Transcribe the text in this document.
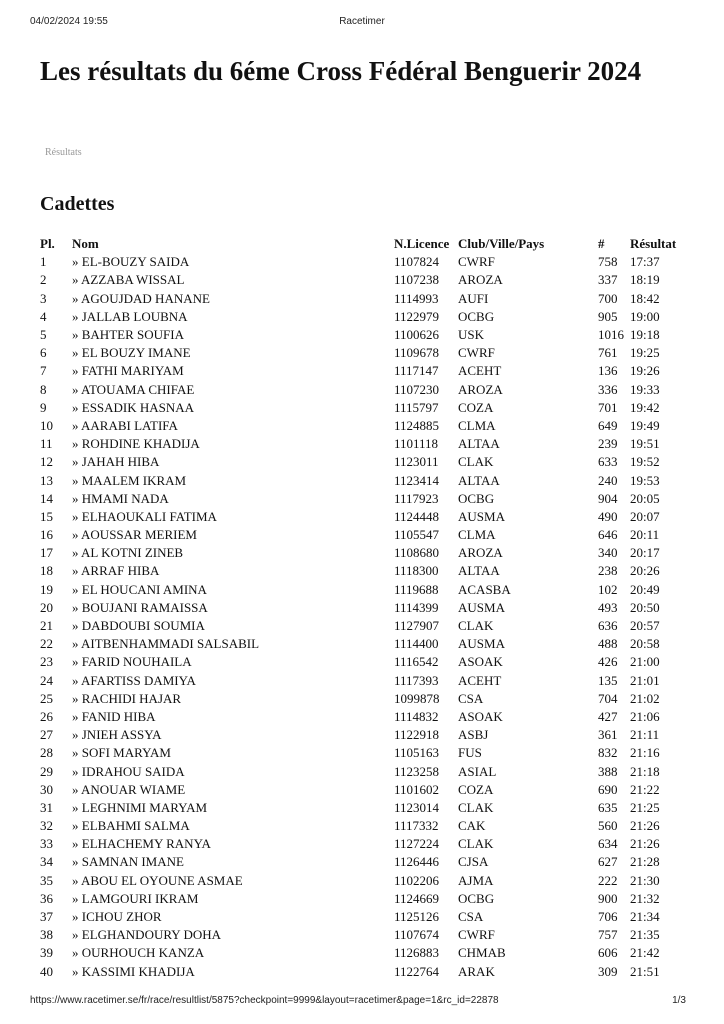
04/02/2024 19:55	Racetimer
Les résultats du 6éme Cross Fédéral Benguerir 2024
Résultats
Cadettes
Pl.	Nom	N.Licence	Club/Ville/Pays	#	Résultat
1	» EL-BOUZY SAIDA	1107824	CWRF	758	17:37
2	» AZZABA WISSAL	1107238	AROZA	337	18:19
3	» AGOUJDAD HANANE	1114993	AUFI	700	18:42
4	» JALLAB LOUBNA	1122979	OCBG	905	19:00
5	» BAHTER SOUFIA	1100626	USK	1016	19:18
6	» EL BOUZY IMANE	1109678	CWRF	761	19:25
7	» FATHI MARIYAM	1117147	ACEHT	136	19:26
8	» ATOUAMA CHIFAE	1107230	AROZA	336	19:33
9	» ESSADIK HASNAA	1115797	COZA	701	19:42
10	» AARABI LATIFA	1124885	CLMA	649	19:49
11	» ROHDINE KHADIJA	1101118	ALTAA	239	19:51
12	» JAHAH HIBA	1123011	CLAK	633	19:52
13	» MAALEM IKRAM	1123414	ALTAA	240	19:53
14	» HMAMI NADA	1117923	OCBG	904	20:05
15	» ELHAOUKALI FATIMA	1124448	AUSMA	490	20:07
16	» AOUSSAR MERIEM	1105547	CLMA	646	20:11
17	» AL KOTNI ZINEB	1108680	AROZA	340	20:17
18	» ARRAF HIBA	1118300	ALTAA	238	20:26
19	» EL HOUCANI AMINA	1119688	ACASBA	102	20:49
20	» BOUJANI RAMAISSA	1114399	AUSMA	493	20:50
21	» DABDOUBI SOUMIA	1127907	CLAK	636	20:57
22	» AITBENHAMMADI SALSABIL	1114400	AUSMA	488	20:58
23	» FARID NOUHAILA	1116542	ASOAK	426	21:00
24	» AFARTISS DAMIYA	1117393	ACEHT	135	21:01
25	» RACHIDI HAJAR	1099878	CSA	704	21:02
26	» FANID HIBA	1114832	ASOAK	427	21:06
27	» JNIEH ASSYA	1122918	ASBJ	361	21:11
28	» SOFI MARYAM	1105163	FUS	832	21:16
29	» IDRAHOU SAIDA	1123258	ASIAL	388	21:18
30	» ANOUAR WIAME	1101602	COZA	690	21:22
31	» LEGHNIMI MARYAM	1123014	CLAK	635	21:25
32	» ELBAHMI SALMA	1117332	CAK	560	21:26
33	» ELHACHEMY RANYA	1127224	CLAK	634	21:26
34	» SAMNAN IMANE	1126446	CJSA	627	21:28
35	» ABOU EL OYOUNE ASMAE	1102206	AJMA	222	21:30
36	» LAMGOURI IKRAM	1124669	OCBG	900	21:32
37	» ICHOU ZHOR	1125126	CSA	706	21:34
38	» ELGHANDOURY DOHA	1107674	CWRF	757	21:35
39	» OURHOUCH KANZA	1126883	CHMAB	606	21:42
40	» KASSIMI KHADIJA	1122764	ARAK	309	21:51
https://www.racetimer.se/fr/race/resultlist/5875?checkpoint=9999&layout=racetimer&page=1&rc_id=22878	1/3
